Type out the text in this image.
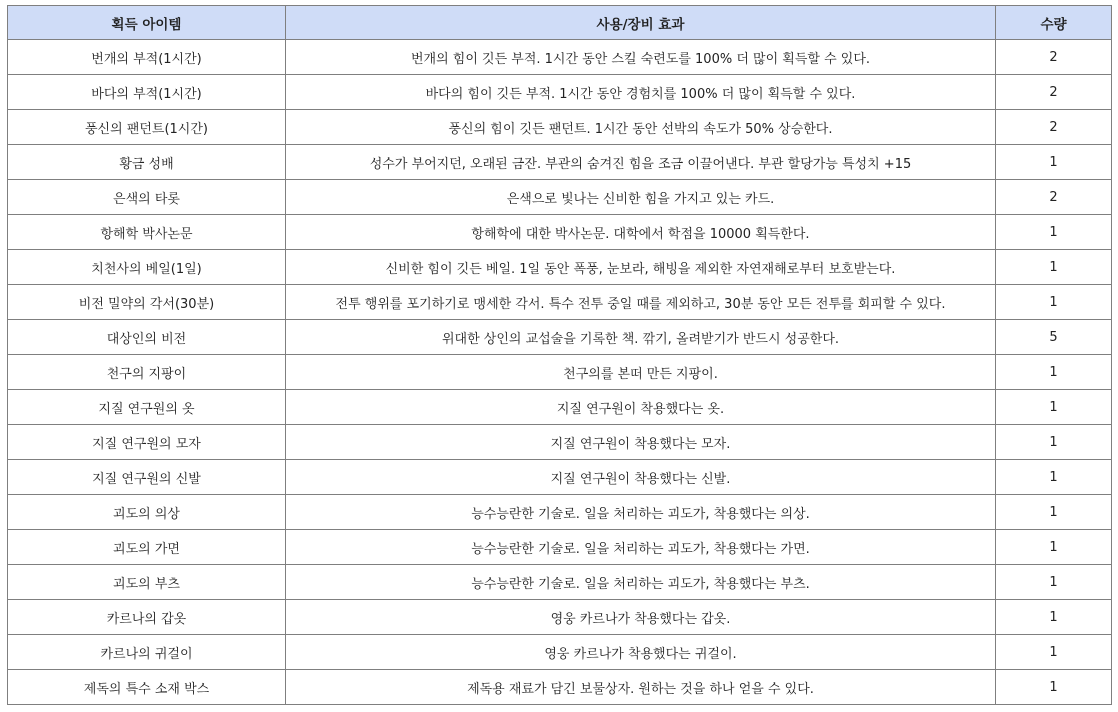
획득 아이템	사용/장비 효과	수량
번개의 부적(1시간)	번개의 힘이 깃든 부적. 1시간 동안 스킬 숙련도를 100% 더 많이 획득할 수 있다.	2
바다의 부적(1시간)	바다의 힘이 깃든 부적. 1시간 동안 경험치를 100% 더 많이 획득할 수 있다.	2
풍신의 팬던트(1시간)	풍신의 힘이 깃든 팬던트. 1시간 동안 선박의 속도가 50% 상승한다.	2
황금 성배	성수가 부어지던, 오래된 금잔. 부관의 숨겨진 힘을 조금 이끌어낸다. 부관 할당가능 특성치 +15	1
은색의 타롯	은색으로 빛나는 신비한 힘을 가지고 있는 카드.	2
항해학 박사논문	항해학에 대한 박사논문. 대학에서 학점을 10000 획득한다.	1
치천사의 베일(1일)	신비한 힘이 깃든 베일. 1일 동안 폭풍, 눈보라, 해빙을 제외한 자연재해로부터 보호받는다.	1
비전 밀약의 각서(30분)	전투 행위를 포기하기로 맹세한 각서. 특수 전투 중일 때를 제외하고, 30분 동안 모든 전투를 회피할 수 있다.	1
대상인의 비전	위대한 상인의 교섭술을 기록한 책. 깎기, 올려받기가 반드시 성공한다.	5
천구의 지팡이	천구의를 본떠 만든 지팡이.	1
지질 연구원의 옷	지질 연구원이 착용했다는 옷.	1
지질 연구원의 모자	지질 연구원이 착용했다는 모자.	1
지질 연구원의 신발	지질 연구원이 착용했다는 신발.	1
괴도의 의상	능수능란한 기술로. 일을 처리하는 괴도가, 착용했다는 의상.	1
괴도의 가면	능수능란한 기술로. 일을 처리하는 괴도가, 착용했다는 가면.	1
괴도의 부츠	능수능란한 기술로. 일을 처리하는 괴도가, 착용했다는 부츠.	1
카르나의 갑옷	영웅 카르나가 착용했다는 갑옷.	1
카르나의 귀걸이	영웅 카르나가 착용했다는 귀걸이.	1
제독의 특수 소재 박스	제독용 재료가 담긴 보물상자. 원하는 것을 하나 얻을 수 있다.	1
